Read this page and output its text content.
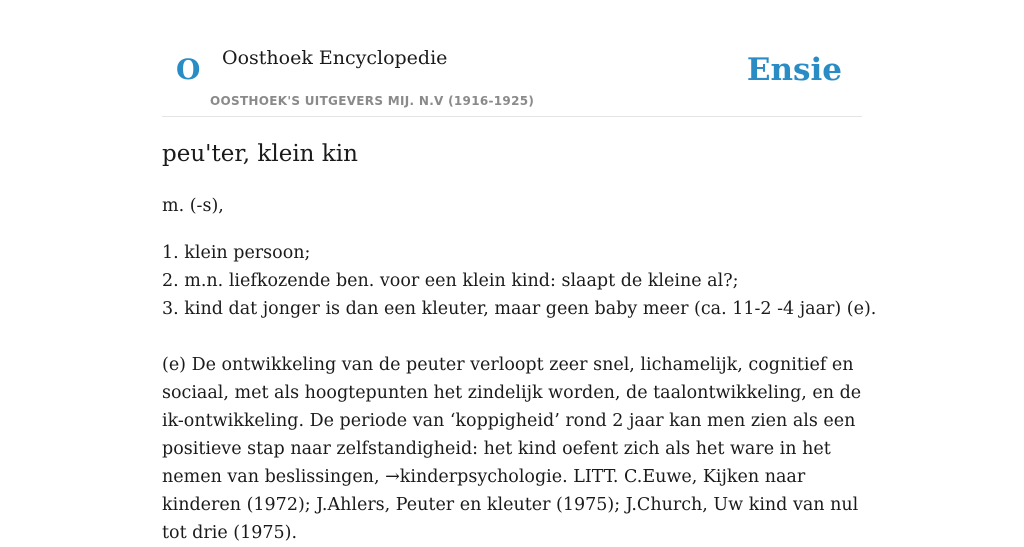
O Oosthoek Encyclopedie
OOSTHOEK'S UITGEVERS MIJ. N.V (1916-1925)
Ensie
peu'ter, klein kin
m. (-s),
1. klein persoon;
2. m.n. liefkozende ben. voor een klein kind: slaapt de kleine al?;
3. kind dat jonger is dan een kleuter, maar geen baby meer (ca. 11-2 -4 jaar) (e).

(e) De ontwikkeling van de peuter verloopt zeer snel, lichamelijk, cognitief en sociaal, met als hoogtepunten het zindelijk worden, de taalontwikkeling, en de ik-ontwikkeling. De periode van ‘koppigheid’ rond 2 jaar kan men zien als een positieve stap naar zelfstandigheid: het kind oefent zich als het ware in het nemen van beslissingen, →kinderpsychologie. LITT. C.Euwe, Kijken naar kinderen (1972); J.Ahlers, Peuter en kleuter (1975); J.Church, Uw kind van nul tot drie (1975).
